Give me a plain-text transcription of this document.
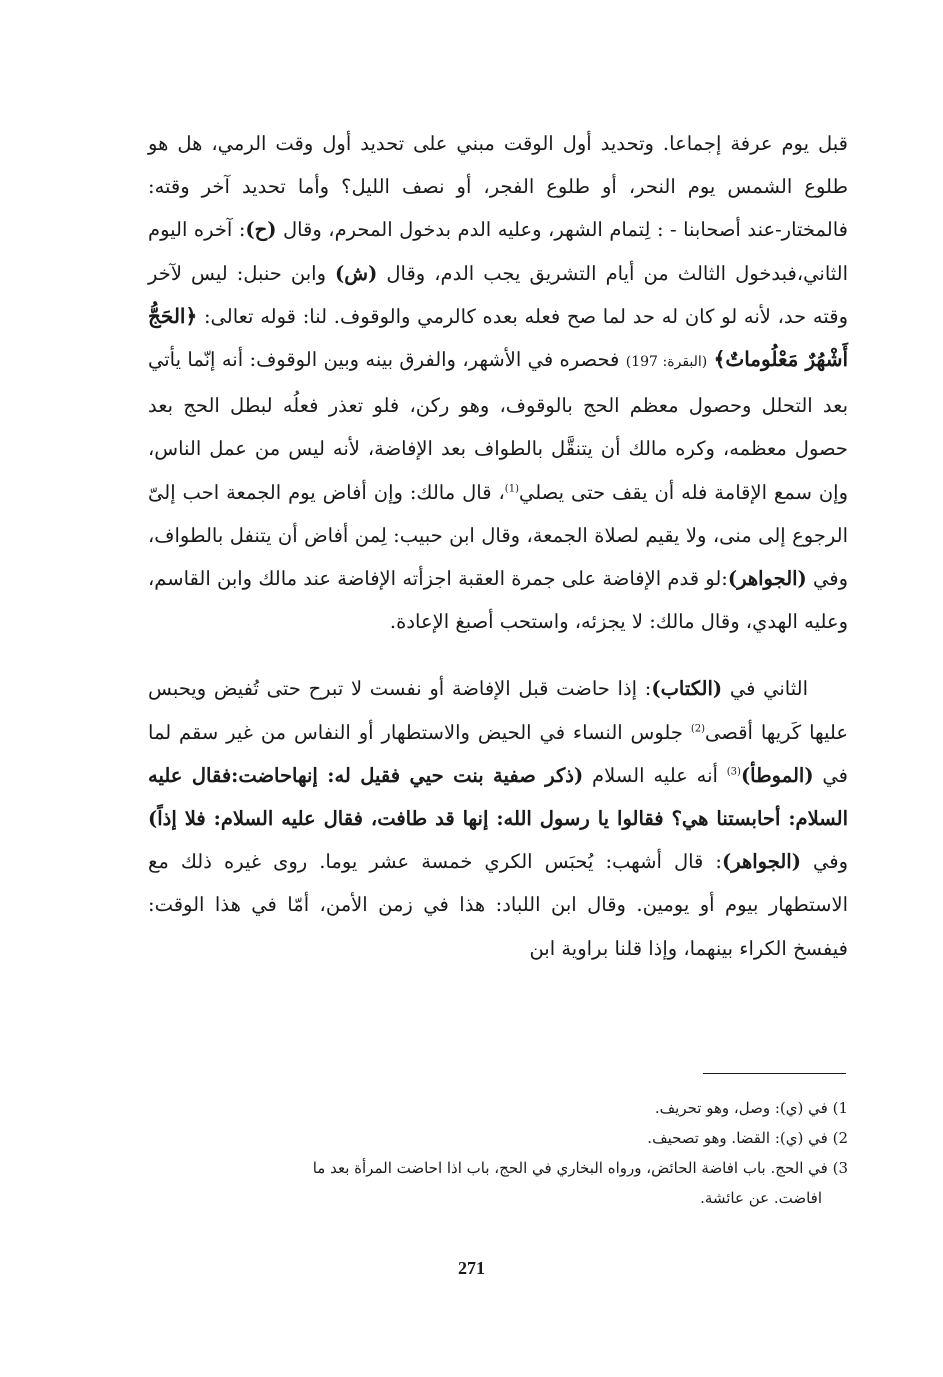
قبل يوم عرفة إجماعا. وتحديد أول الوقت مبني على تحديد أول وقت الرمي، هل هو طلوع الشمس يوم النحر، أو طلوع الفجر، أو نصف الليل؟ وأما تحديد آخر وقته: فالمختار-عند أصحابنا - : لِتمام الشهر، وعليه الدم بدخول المحرم، وقال (ح): آخره اليوم الثاني،فبدخول الثالث من أيام التشريق يجب الدم، وقال (ش) وابن حنبل: ليس لآخر وقته حد، لأنه لو كان له حد لما صح فعله بعده كالرمي والوقوف. لنا: قوله تعالى: ﴿الحَجُّ أَشْهُرٌ مَعْلُوماتٌ﴾ (البقرة: 197) فحصره في الأشهر، والفرق بينه وبين الوقوف: أنه إنّما يأتي بعد التحلل وحصول معظم الحج بالوقوف، وهو ركن، فلو تعذر فعلُه لبطل الحج بعد حصول معظمه، وكره مالك أن يتنقَّل بالطواف بعد الإفاضة، لأنه ليس من عمل الناس، وإن سمع الإقامة فله أن يقف حتى يصلي$^{(1)}$، قال مالك: وإن أفاض يوم الجمعة احب إلىّ الرجوع إلى منى، ولا يقيم لصلاة الجمعة، وقال ابن حبيب: لِمن أفاض أن يتنفل بالطواف، وفي (الجواهر):لو قدم الإفاضة على جمرة العقبة اجزأته الإفاضة عند مالك وابن القاسم، وعليه الهدي، وقال مالك: لا يجزئه، واستحب أصبغ الإعادة.

الثاني في (الكتاب): إذا حاضت قبل الإفاضة أو نفست لا تبرح حتى تُفيض ويحبس عليها كَريها أقصى$^{(2)}$ جلوس النساء في الحيض والاستطهار أو النفاس من غير سقم لما في (الموطأ)$^{(3)}$ أنه عليه السلام (ذكر صفية بنت حيي فقيل له: إنهاحاضت:فقال عليه السلام: أحابستنا هي؟ فقالوا يا رسول الله: إنها قد طافت، فقال عليه السلام: فلا إذاً) وفي (الجواهر): قال أشهب: يُحبَس الكري خمسة عشر يوما. روى غيره ذلك مع الاستطهار بيوم أو يومين. وقال ابن اللباد: هذا في زمن الأمن، أمّا في هذا الوقت: فيفسخ الكراء بينهما، وإذا قلنا براوية ابن

1) في (ي): وصل، وهو تحريف.

2) في (ي): القضا. وهو تصحيف.

3) في الحج. باب افاضة الحائض، ورواه البخاري في الحج، باب اذا احاضت المرأة بعد ما

افاضت. عن عائشة.

271
